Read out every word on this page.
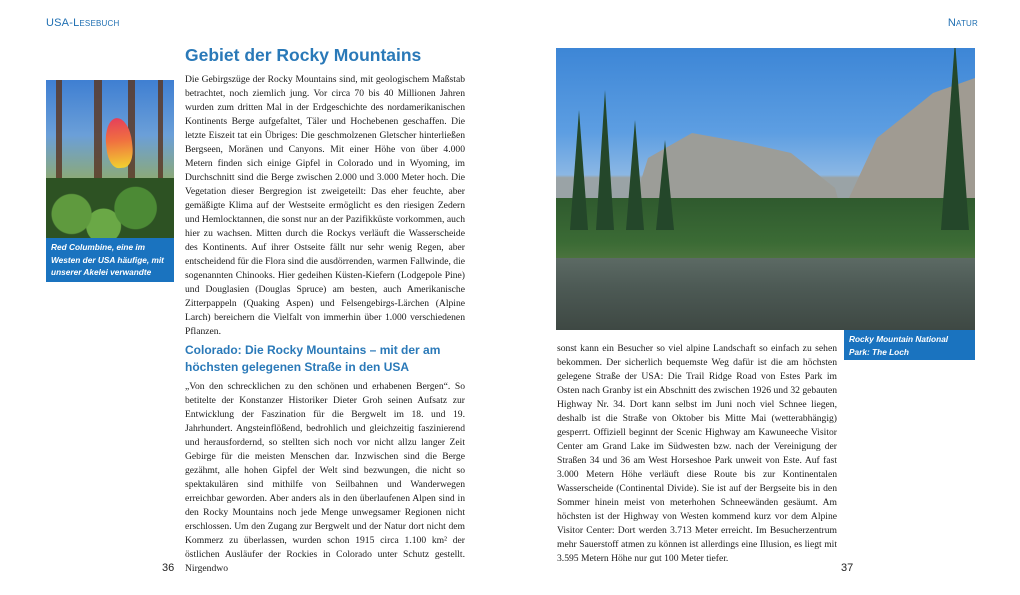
USA-Lesebuch
Red Columbine, eine im Westen der USA häufige, mit unserer Akelei verwandte Pflanze
Gebiet der Rocky Mountains

Die Gebirgszüge der Rocky Mountains sind, mit geologischem Maßstab betrachtet, noch ziemlich jung. Vor circa 70 bis 40 Millionen Jahren wurden zum dritten Mal in der Erdgeschichte des nordamerikanischen Kontinents Berge aufgefaltet, Täler und Hochebenen geschaffen. Die letzte Eiszeit tat ein Übriges: Die geschmolzenen Gletscher hinterließen Bergseen, Moränen und Canyons. Mit einer Höhe von über 4.000 Metern finden sich einige Gipfel in Colorado und in Wyoming, im Durchschnitt sind die Berge zwischen 2.000 und 3.000 Meter hoch. Die Vegetation dieser Bergregion ist zweigeteilt: Das eher feuchte, aber gemäßigte Klima auf der Westseite ermöglicht es den riesigen Zedern und Hemlocktannen, die sonst nur an der Pazifikküste vorkommen, auch hier zu wachsen. Mitten durch die Rockys verläuft die Wasserscheide des Kontinents. Auf ihrer Ostseite fällt nur sehr wenig Regen, aber entscheidend für die Flora sind die ausdörrenden, warmen Fallwinde, die sogenannten Chinooks. Hier gedeihen Küsten-Kiefern (Lodgepole Pine) und Douglasien (Douglas Spruce) am besten, auch Amerikanische Zitterpappeln (Quaking Aspen) und Felsengebirgs-Lärchen (Alpine Larch) bereichern die Vielfalt von immerhin über 1.000 verschiedenen Pflanzen.

Colorado: Die Rocky Mountains – mit der am höchsten gelegenen Straße in den USA

„Von den schrecklichen zu den schönen und erhabenen Bergen“. So betitelte der Konstanzer Historiker Dieter Groh seinen Aufsatz zur Entwicklung der Faszination für die Bergwelt im 18. und 19. Jahrhundert. Angsteinflößend, bedrohlich und gleichzeitig faszinierend und herausfordernd, so stellten sich noch vor nicht allzu langer Zeit Gebirge für die meisten Menschen dar. Inzwischen sind die Berge gezähmt, alle hohen Gipfel der Welt sind bezwungen, die nicht so spektakulären sind mithilfe von Seilbahnen und Wanderwegen erreichbar geworden. Aber anders als in den überlaufenen Alpen sind in den Rocky Mountains noch jede Menge unwegsamer Regionen nicht erschlossen. Um den Zugang zur Bergwelt und der Natur dort nicht dem Kommerz zu überlassen, wurden schon 1915 circa 1.100 km² der östlichen Ausläufer der Rockies in Colorado unter Schutz gestellt. Nirgendwo

36
Natur
Rocky Mountain National Park: The Loch

sonst kann ein Besucher so viel alpine Landschaft so einfach zu sehen bekommen. Der sicherlich bequemste Weg dafür ist die am höchsten gelegene Straße der USA: Die Trail Ridge Road von Estes Park im Osten nach Granby ist ein Abschnitt des zwischen 1926 und 32 gebauten Highway Nr. 34. Dort kann selbst im Juni noch viel Schnee liegen, deshalb ist die Straße von Oktober bis Mitte Mai (wetterabhängig) gesperrt. Offiziell beginnt der Scenic Highway am Kawuneeche Visitor Center am Grand Lake im Südwesten bzw. nach der Vereinigung der Straßen 34 und 36 am West Horseshoe Park unweit von Este. Auf fast 3.000 Metern Höhe verläuft diese Route bis zur Kontinentalen Wasserscheide (Continental Divide). Sie ist auf der Bergseite bis in den Sommer hinein meist von meterhohen Schneewänden gesäumt. Am höchsten ist der Highway von Westen kommend kurz vor dem Alpine Visitor Center: Dort werden 3.713 Meter erreicht. Im Besucherzentrum mehr Sauerstoff atmen zu können ist allerdings eine Illusion, es liegt mit 3.595 Metern Höhe nur gut 100 Meter tiefer.

37
